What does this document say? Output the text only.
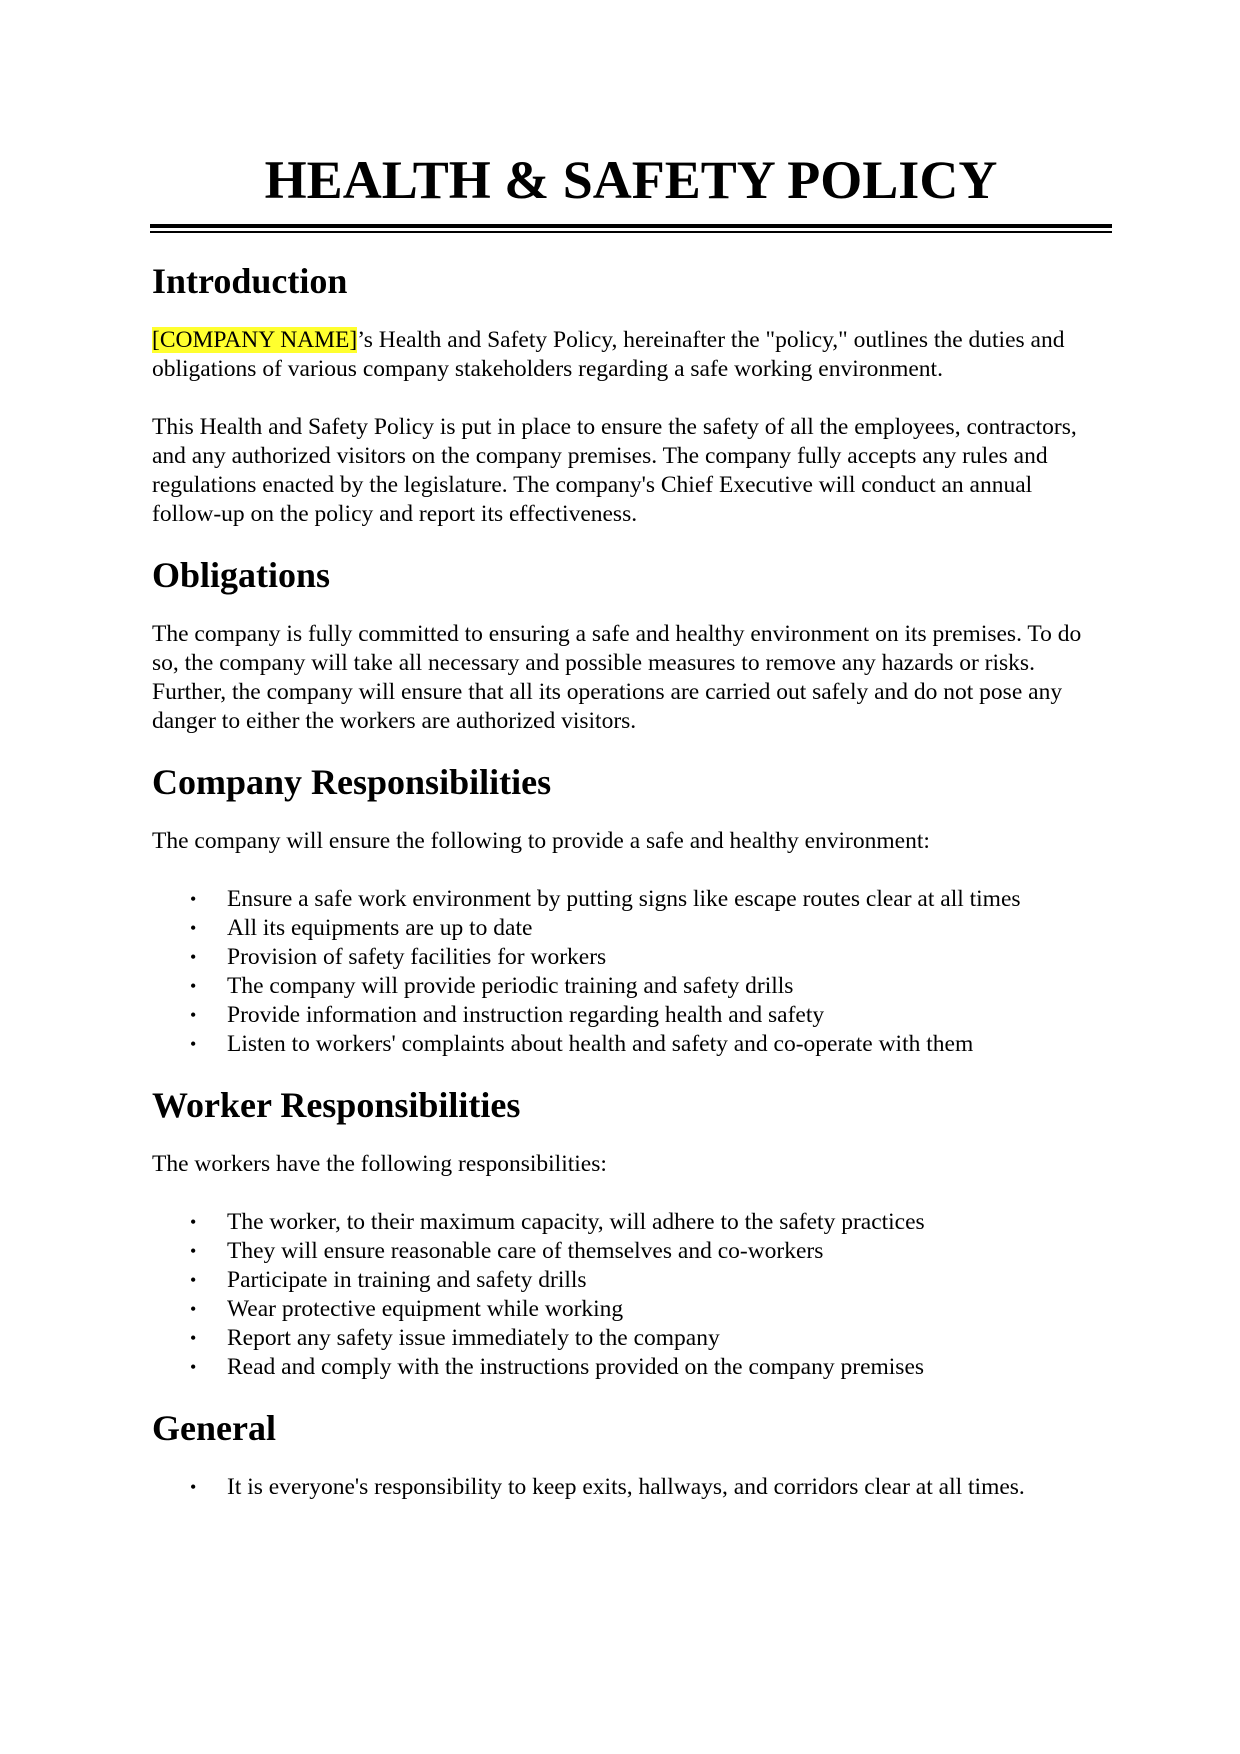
HEALTH & SAFETY POLICY
Introduction

[COMPANY NAME]’s Health and Safety Policy, hereinafter the "policy," outlines the duties and obligations of various company stakeholders regarding a safe working environment.

This Health and Safety Policy is put in place to ensure the safety of all the employees, contractors, and any authorized visitors on the company premises. The company fully accepts any rules and regulations enacted by the legislature. The company's Chief Executive will conduct an annual follow-up on the policy and report its effectiveness.

Obligations

The company is fully committed to ensuring a safe and healthy environment on its premises. To do so, the company will take all necessary and possible measures to remove any hazards or risks. Further, the company will ensure that all its operations are carried out safely and do not pose any danger to either the workers are authorized visitors.

Company Responsibilities

The company will ensure the following to provide a safe and healthy environment:

• Ensure a safe work environment by putting signs like escape routes clear at all times
• All its equipments are up to date
• Provision of safety facilities for workers
• The company will provide periodic training and safety drills
• Provide information and instruction regarding health and safety
• Listen to workers' complaints about health and safety and co-operate with them
Worker Responsibilities

The workers have the following responsibilities:

• The worker, to their maximum capacity, will adhere to the safety practices
• They will ensure reasonable care of themselves and co-workers
• Participate in training and safety drills
• Wear protective equipment while working
• Report any safety issue immediately to the company
• Read and comply with the instructions provided on the company premises
General
• It is everyone's responsibility to keep exits, hallways, and corridors clear at all times.
